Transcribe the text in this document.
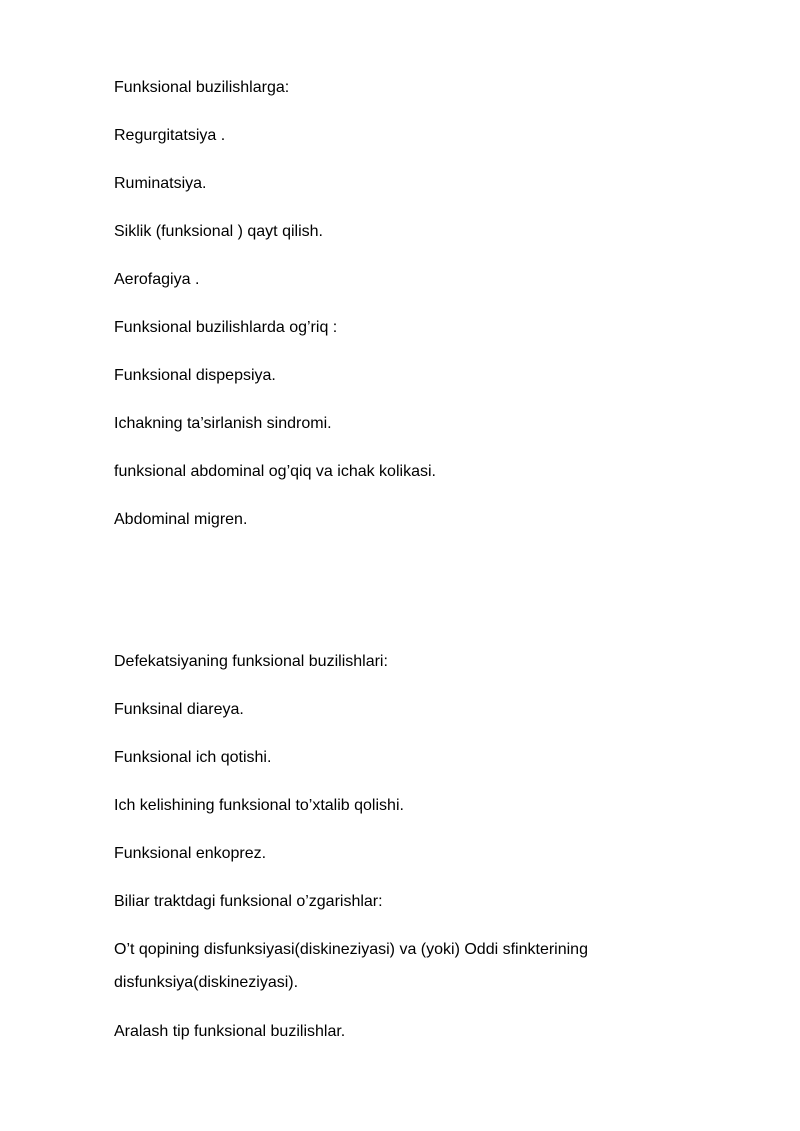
Funksional buzilishlarga:

Regurgitatsiya .

Ruminatsiya.

Siklik (funksional ) qayt qilish.

Aerofagiya .

Funksional buzilishlarda og’riq :

Funksional dispepsiya.

Ichakning ta’sirlanish sindromi.

funksional abdominal og’qiq va ichak kolikasi.

Abdominal migren.

Defekatsiyaning funksional buzilishlari:

Funksinal diareya.

Funksional ich qotishi.

Ich kelishining funksional to’xtalib qolishi.

Funksional enkoprez.

Biliar traktdagi funksional o’zgarishlar:

O’t qopining disfunksiyasi(diskineziyasi) va (yoki) Oddi sfinkterining disfunksiya(diskineziyasi).

Aralash tip funksional buzilishlar.
